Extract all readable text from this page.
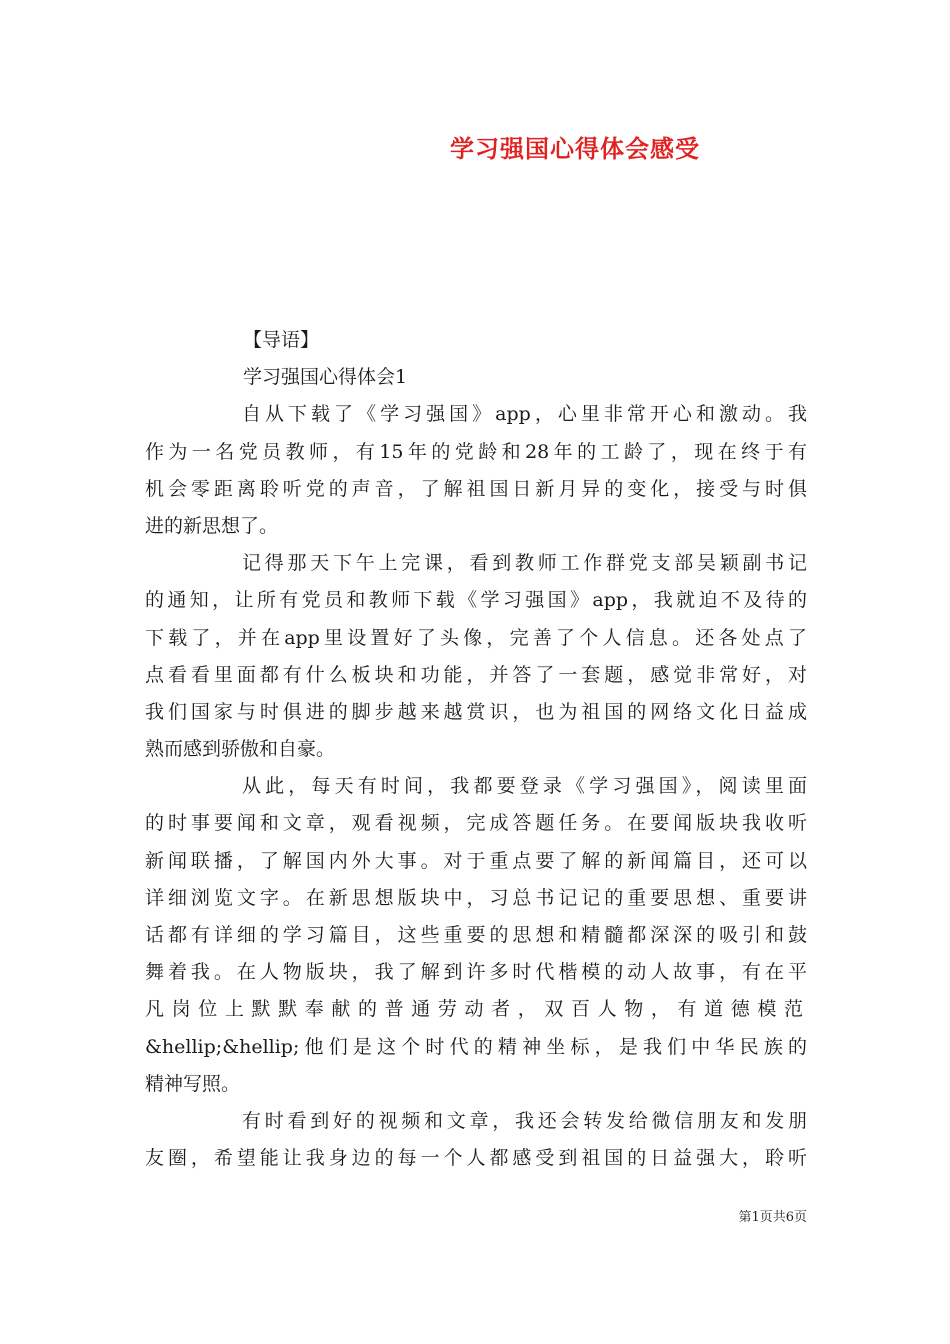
学习强国心得体会感受
【导语】
学习强国心得体会1
自从下载了《学习强国》app，心里非常开心和激动。我
作为一名党员教师，有15年的党龄和28年的工龄了，现在终于有
机会零距离聆听党的声音，了解祖国日新月异的变化，接受与时俱
进的新思想了。
记得那天下午上完课，看到教师工作群党支部吴颖副书记
的通知，让所有党员和教师下载《学习强国》app，我就迫不及待的
下载了，并在app里设置好了头像，完善了个人信息。还各处点了
点看看里面都有什么板块和功能，并答了一套题，感觉非常好，对
我们国家与时俱进的脚步越来越赏识，也为祖国的网络文化日益成
熟而感到骄傲和自豪。
从此，每天有时间，我都要登录《学习强国》，阅读里面
的时事要闻和文章，观看视频，完成答题任务。在要闻版块我收听
新闻联播，了解国内外大事。对于重点要了解的新闻篇目，还可以
详细浏览文字。在新思想版块中，习总书记记的重要思想、重要讲
话都有详细的学习篇目，这些重要的思想和精髓都深深的吸引和鼓
舞着我。在人物版块，我了解到许多时代楷模的动人故事，有在平
凡岗位上默默奉献的普通劳动者，双百人物，有道德模范
&hellip;&hellip;他们是这个时代的精神坐标，是我们中华民族的
精神写照。
有时看到好的视频和文章，我还会转发给微信朋友和发朋
友圈，希望能让我身边的每一个人都感受到祖国的日益强大，聆听
第1页共6页
